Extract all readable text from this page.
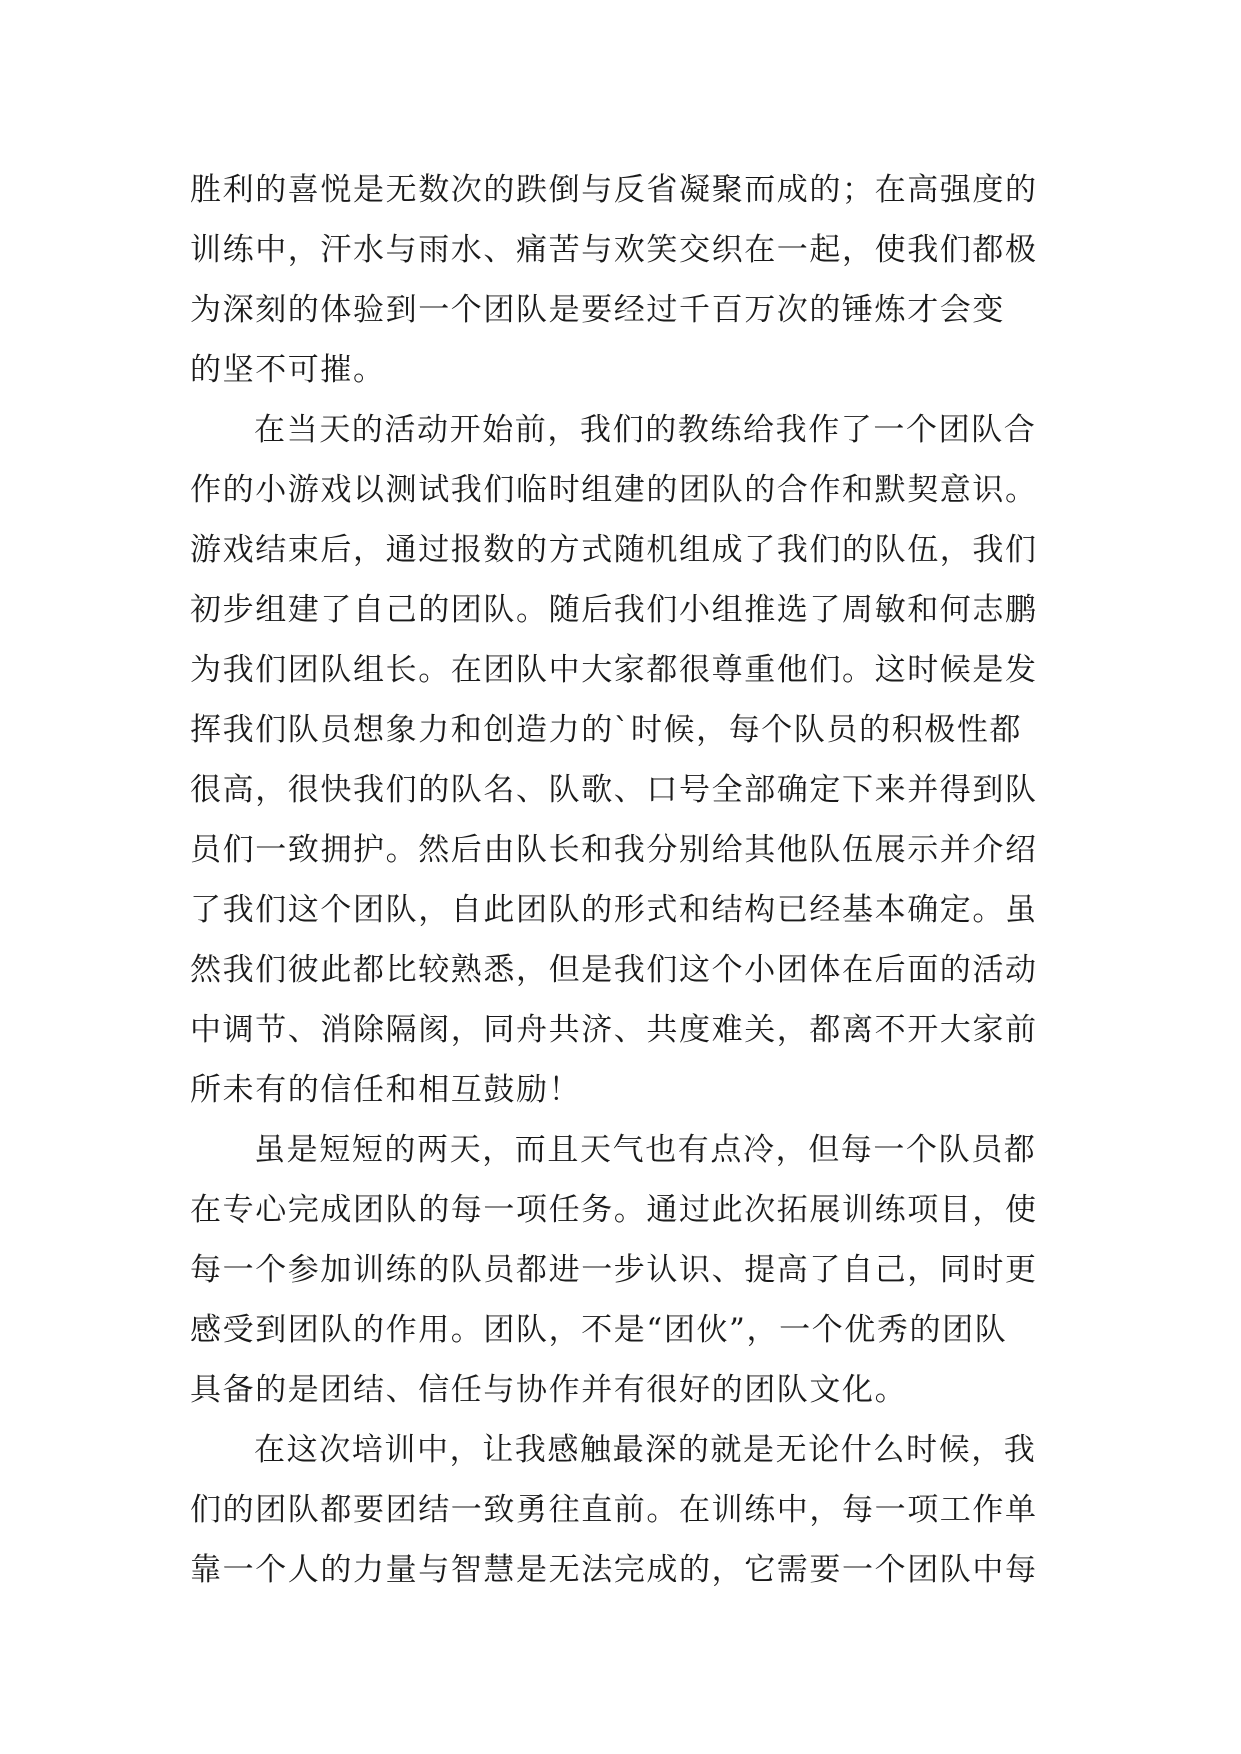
胜利的喜悦是无数次的跌倒与反省凝聚而成的；在高强度的
训练中，汗水与雨水、痛苦与欢笑交织在一起，使我们都极
为深刻的体验到一个团队是要经过千百万次的锤炼才会变
的坚不可摧。
在当天的活动开始前，我们的教练给我作了一个团队合
作的小游戏以测试我们临时组建的团队的合作和默契意识。
游戏结束后，通过报数的方式随机组成了我们的队伍，我们
初步组建了自己的团队。随后我们小组推选了周敏和何志鹏
为我们团队组长。在团队中大家都很尊重他们。这时候是发
挥我们队员想象力和创造力的`时候，每个队员的积极性都
很高，很快我们的队名、队歌、口号全部确定下来并得到队
员们一致拥护。然后由队长和我分别给其他队伍展示并介绍
了我们这个团队，自此团队的形式和结构已经基本确定。虽
然我们彼此都比较熟悉，但是我们这个小团体在后面的活动
中调节、消除隔阂，同舟共济、共度难关，都离不开大家前
所未有的信任和相互鼓励！
虽是短短的两天，而且天气也有点冷，但每一个队员都
在专心完成团队的每一项任务。通过此次拓展训练项目，使
每一个参加训练的队员都进一步认识、提高了自己，同时更
感受到团队的作用。团队，不是“团伙”，一个优秀的团队
具备的是团结、信任与协作并有很好的团队文化。
在这次培训中，让我感触最深的就是无论什么时候，我
们的团队都要团结一致勇往直前。在训练中，每一项工作单
靠一个人的力量与智慧是无法完成的，它需要一个团队中每
